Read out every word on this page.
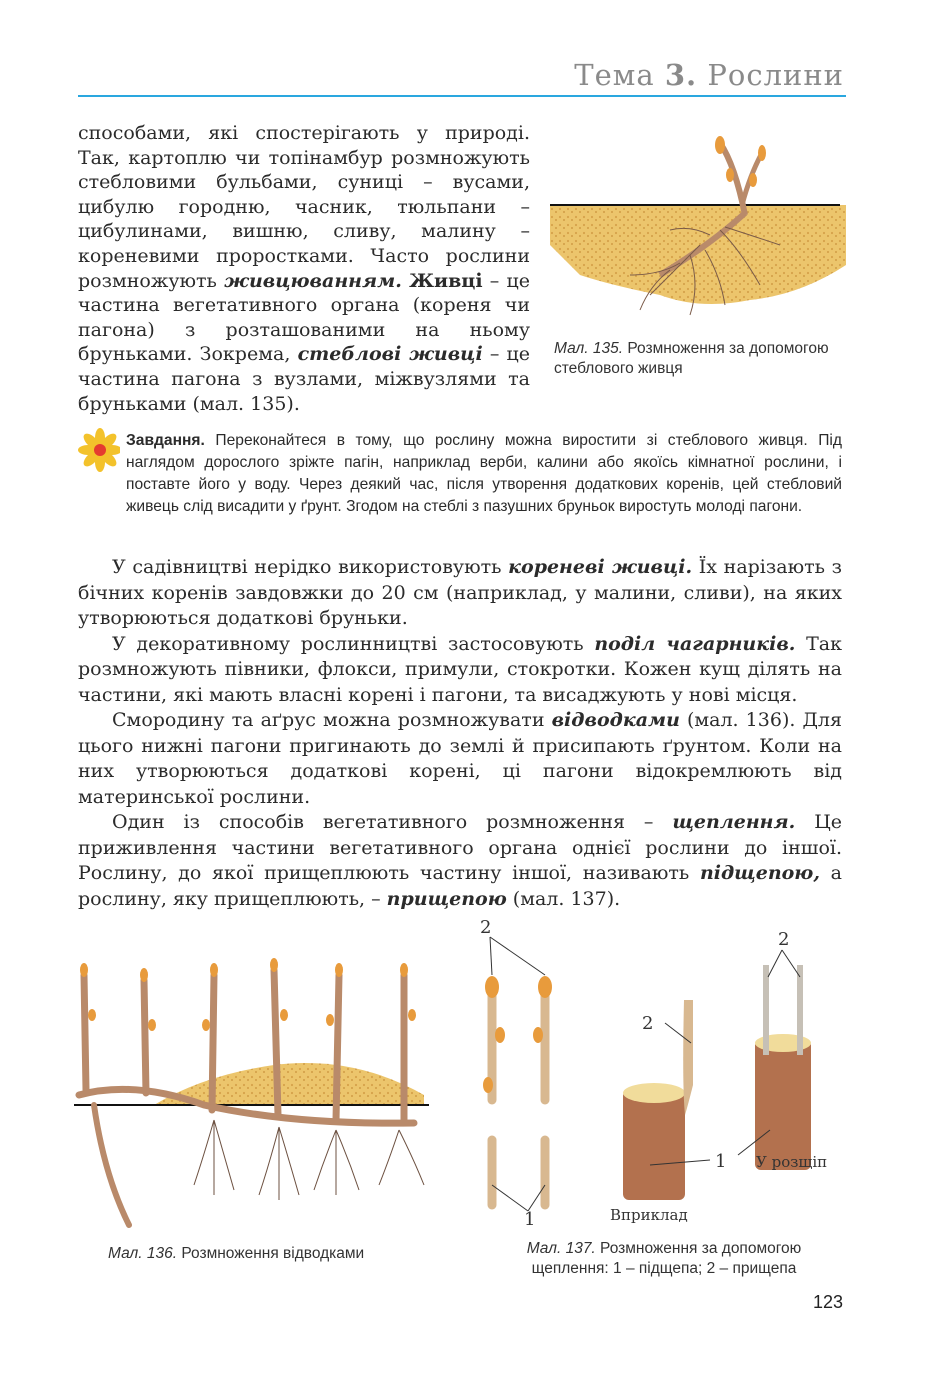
Тема 3. Рослини
способами, які спостерігають у природі. Так, картоплю чи топінамбур розмножують стебловими бульбами, суниці – вусами, цибулю городню, часник, тюльпани – цибулинами, вишню, сливу, малину – кореневими проростками. Часто рослини розмножують живцюванням. Живці – це частина вегетативного органа (кореня чи пагона) з розташованими на ньому бруньками. Зокрема, стеблові живці – це частина пагона з вузлами, міжвузлями та бруньками (мал. 135).
Мал. 135. Розмноження за допомогою стеблового живця
Завдання. Переконайтеся в тому, що рослину можна виростити зі стеблового живця. Під наглядом дорослого зріжте пагін, наприклад верби, калини або якоїсь кімнатної рослини, і поставте його у воду. Через деякий час, після утворення додаткових коренів, цей стебловий живець слід висадити у ґрунт. Згодом на стеблі з пазушних бруньок виростуть молоді пагони.

У садівництві нерідко використовують кореневі живці. Їх нарізають з бічних коренів завдовжки до 20 см (наприклад, у малини, сливи), на яких утворюються додаткові бруньки.

У декоративному рослинництві застосовують поділ чагарників. Так розмножують півники, флокси, примули, стокротки. Кожен кущ ділять на частини, які мають власні корені і пагони, та висаджують у нові місця.

Смородину та аґрус можна розмножувати відводками (мал. 136). Для цього нижні пагони пригинають до землі й присипають ґрунтом. Коли на них утворюються додаткові корені, ці пагони відокремлюють від материнської рослини.

Один із способів вегетативного розмноження – щеплення. Це приживлення частини вегетативного органа однієї рослини до іншої. Рослину, до якої прищеплюють частину іншої, називають підщепою, а рослину, яку прищеплюють, – прищепою (мал. 137).

Мал. 136. Розмноження відводками
2
1
2
1
2
Вприклад
У розщіп
Мал. 137. Розмноження за допомогою
щеплення: 1 – підщепа; 2 – прищепа
123
